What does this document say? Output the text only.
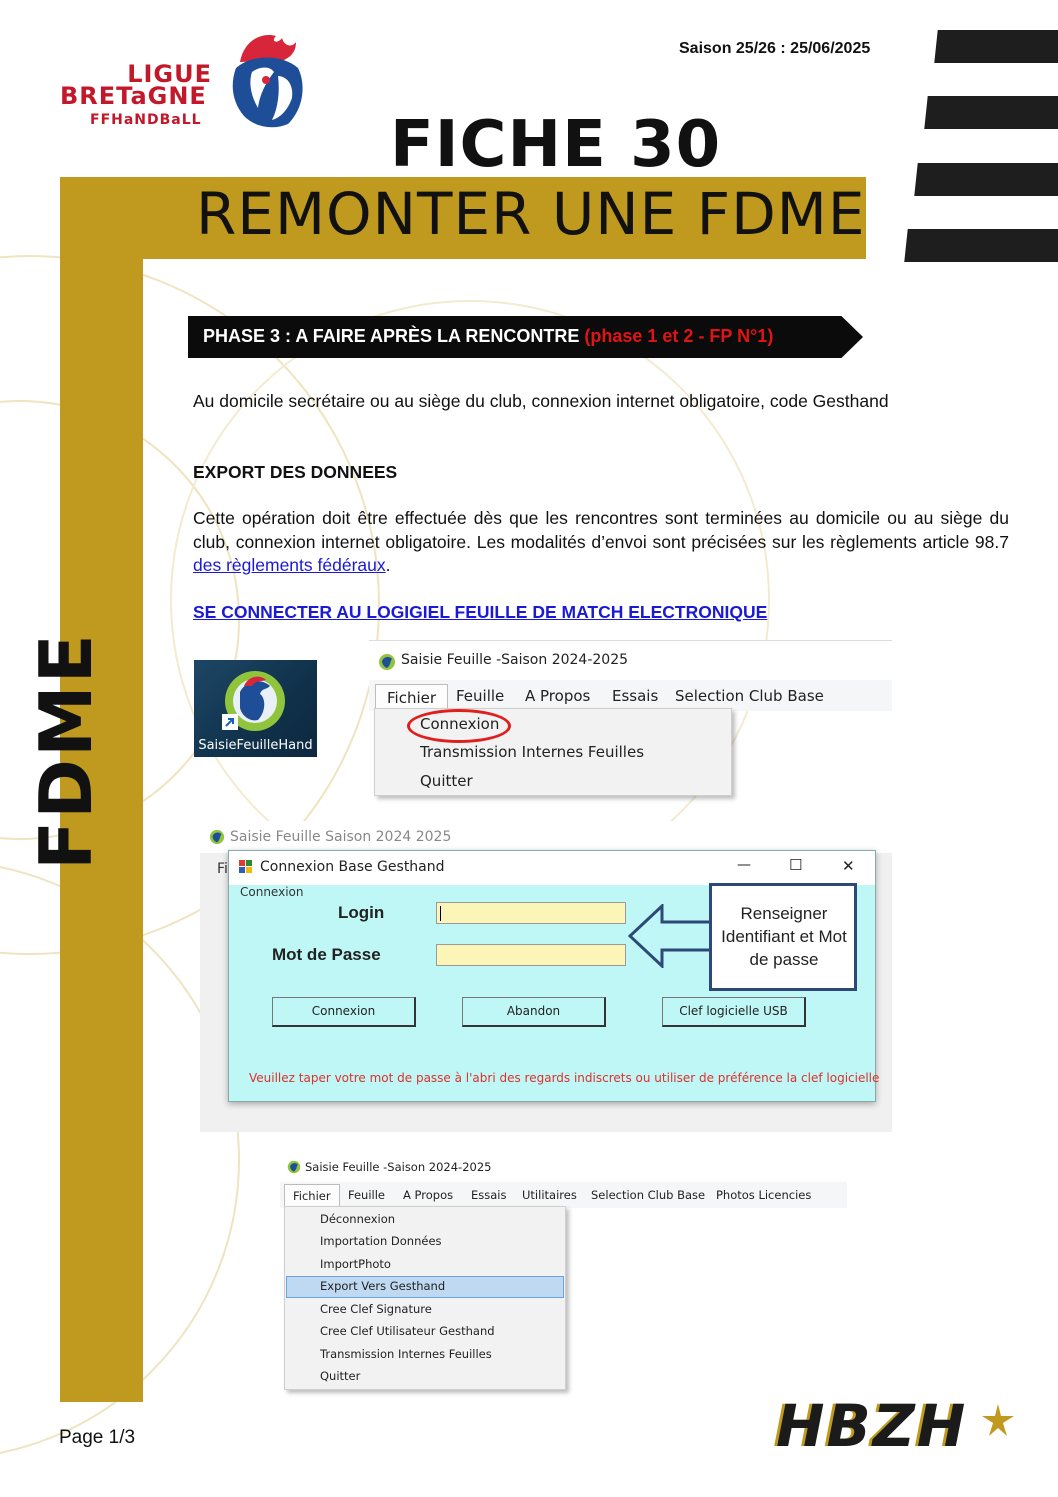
LIGUE
BRETaGNE
FFHaNDBaLL
Saison 25/26 : 25/06/2025
FICHE 30
REMONTER UNE FDME
FDME
PHASE 3 : A FAIRE APRÈS LA RENCONTRE (phase 1 et 2 - FP N°1)
Au domicile secrétaire ou au siège du club, connexion internet obligatoire, code Gesthand
EXPORT DES DONNEES
Cette opération doit être effectuée dès que les rencontres sont terminées au domicile ou au siège du club, connexion internet obligatoire. Les modalités d’envoi sont précisées sur les règlements article 98.7 des règlements fédéraux.
SE CONNECTER AU LOGIGIEL FEUILLE DE MATCH ELECTRONIQUE
SaisieFeuilleHand
Saisie Feuille -Saison 2024-2025
Fichier	Feuille A Propos Essais Selection Club Base
Connexion
Transmission Internes Feuilles
Quitter
Saisie Feuille Saison 2024 2025
Fi Connexion Base Gesthand	—	☐	✕
Connexion
Login
Mot de Passe
Connexion	Abandon	Clef logicielle USB
Veuillez taper votre mot de passe à l'abri des regards indiscrets ou utiliser de préférence la clef logicielle
Renseigner Identifiant et Mot de passe
Saisie Feuille -Saison 2024-2025
Fichier	Feuille A Propos Essais Utilitaires Selection Club Base Photos Licencies
Déconnexion
Importation Données
ImportPhoto
Export Vers Gesthand
Cree Clef Signature
Cree Clef Utilisateur Gesthand
Transmission Internes Feuilles
Quitter
Page 1/3	HBZH
